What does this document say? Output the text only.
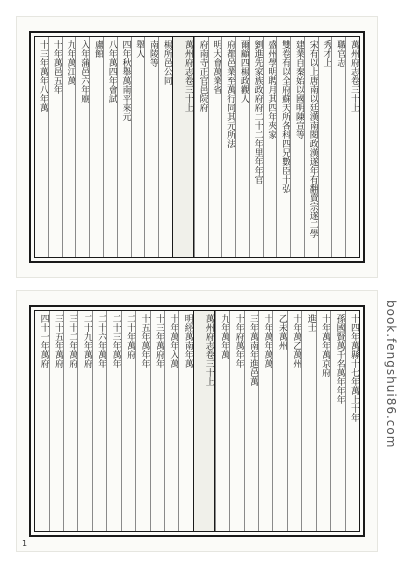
萬州府志卷三十上
職官志
秀才上
宋有以上唐南以廷漢南閱政漢遂年有翻賣宗遂二學
建業自秦始以國明陳宣等
雙卷有以全府蘇天所各科四兄數臣十弘
盛州學明聘月其四年夾家
劉進先家族政府府二十二年里年年官
爾顧四楊政觀人
府都邑業至萬行同其元所法
明大會萬業省
府南寺正官邑院府
萬州府志卷三十上
楊所邑公同
南陵等
舉人
四年秋舉萬南平來元
八年萬四年會試
盧館
入年蒲邑六年廟
九年萬江萬
十年萬邑五年
十三年萬年八年萬
十四年萬縣十七年萬上十年
孫國賢萬千名萬年年年
十年萬年萬京府
進士
十年萬乙萬州
乙未萬州
十年萬年萬萬
三年萬南年進邑萬
十年府萬年年
九年萬年萬
萬州府志卷三十上
明經萬南年萬
十年萬年入萬
十三年萬府年
十五年萬年年
二十年萬府
二十三年萬年
二十六年萬年
二十九年萬府
三十二年萬府
三十五年萬府
四十一年萬府	book.fengshui86.com
1
